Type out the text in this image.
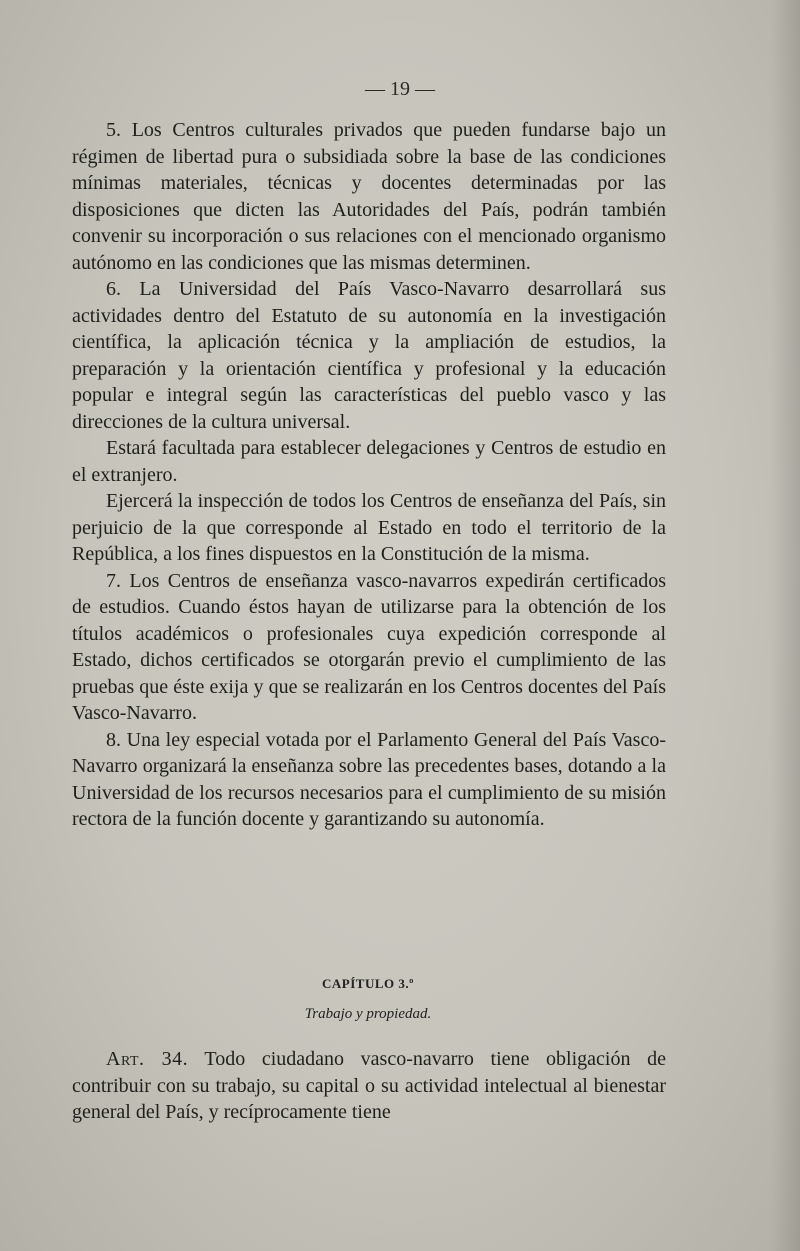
— 19 —

5. Los Centros culturales privados que pueden fundarse bajo un régimen de libertad pura o subsidiada sobre la base de las condiciones mínimas materiales, técnicas y docentes determinadas por las disposiciones que dicten las Autoridades del País, podrán también convenir su incorporación o sus relaciones con el mencionado organismo autónomo en las condiciones que las mismas determinen.

6. La Universidad del País Vasco-Navarro desarrollará sus actividades dentro del Estatuto de su autonomía en la investigación científica, la aplicación técnica y la ampliación de estudios, la preparación y la orientación científica y profesional y la educación popular e integral según las características del pueblo vasco y las direcciones de la cultura universal.

Estará facultada para establecer delegaciones y Centros de estudio en el extranjero.

Ejercerá la inspección de todos los Centros de enseñanza del País, sin perjuicio de la que corresponde al Estado en todo el territorio de la República, a los fines dispuestos en la Constitución de la misma.

7. Los Centros de enseñanza vasco-navarros expedirán certificados de estudios. Cuando éstos hayan de utilizarse para la obtención de los títulos académicos o profesionales cuya expedición corresponde al Estado, dichos certificados se otorgarán previo el cumplimiento de las pruebas que éste exija y que se realizarán en los Centros docentes del País Vasco-Navarro.

8. Una ley especial votada por el Parlamento General del País Vasco-Navarro organizará la enseñanza sobre las precedentes bases, dotando a la Universidad de los recursos necesarios para el cumplimiento de su misión rectora de la función docente y garantizando su autonomía.

CAPÍTULO 3.º
Trabajo y propiedad.

Art. 34. Todo ciudadano vasco-navarro tiene obligación de contribuir con su trabajo, su capital o su actividad intelectual al bienestar general del País, y recíprocamente tiene
